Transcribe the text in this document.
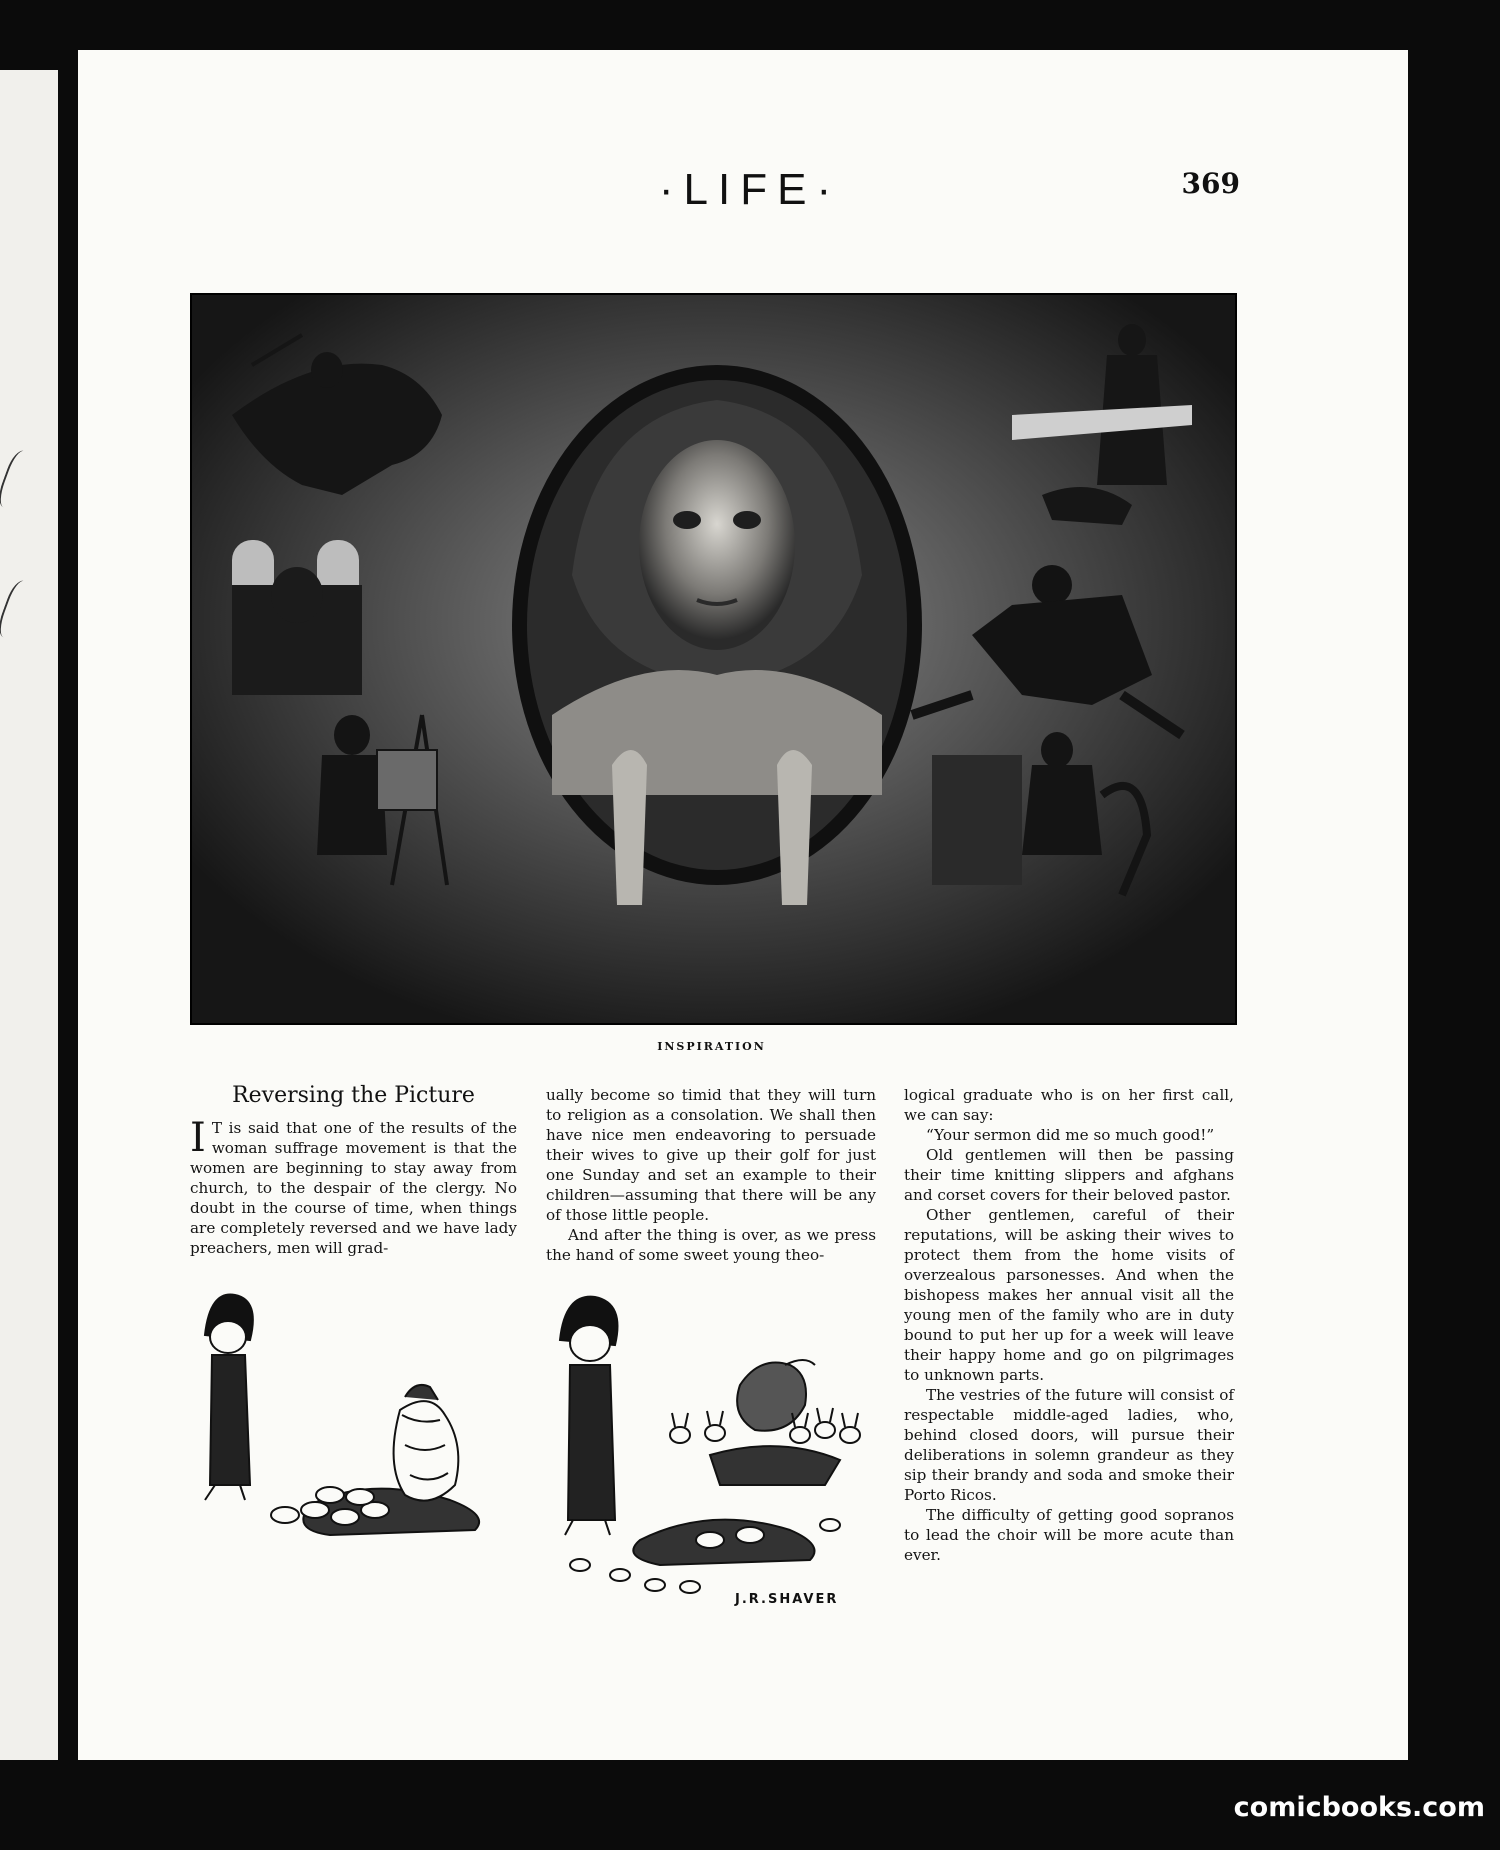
·LIFE·	369
INSPIRATION
Reversing the Picture

I T is said that one of the results of the woman suffrage movement is that the women are beginning to stay away from church, to the despair of the clergy. No doubt in the course of time, when things are completely reversed and we have lady preachers, men will grad-

ually become so timid that they will turn to religion as a consolation. We shall then have nice men endeavoring to persuade their wives to give up their golf for just one Sunday and set an example to their children—assuming that there will be any of those little people.

And after the thing is over, as we press the hand of some sweet young theo-

logical graduate who is on her first call, we can say:

“Your sermon did me so much good!”

Old gentlemen will then be passing their time knitting slippers and afghans and corset covers for their beloved pastor.

Other gentlemen, careful of their reputations, will be asking their wives to protect them from the home visits of overzealous parsonesses. And when the bishopess makes her annual visit all the young men of the family who are in duty bound to put her up for a week will leave their happy home and go on pilgrimages to unknown parts.

The vestries of the future will consist of respectable middle-aged ladies, who, behind closed doors, will pursue their deliberations in solemn grandeur as they sip their brandy and soda and smoke their Porto Ricos.

The difficulty of getting good sopranos to lead the choir will be more acute than ever.

J.R.SHAVER
comicbooks.com
